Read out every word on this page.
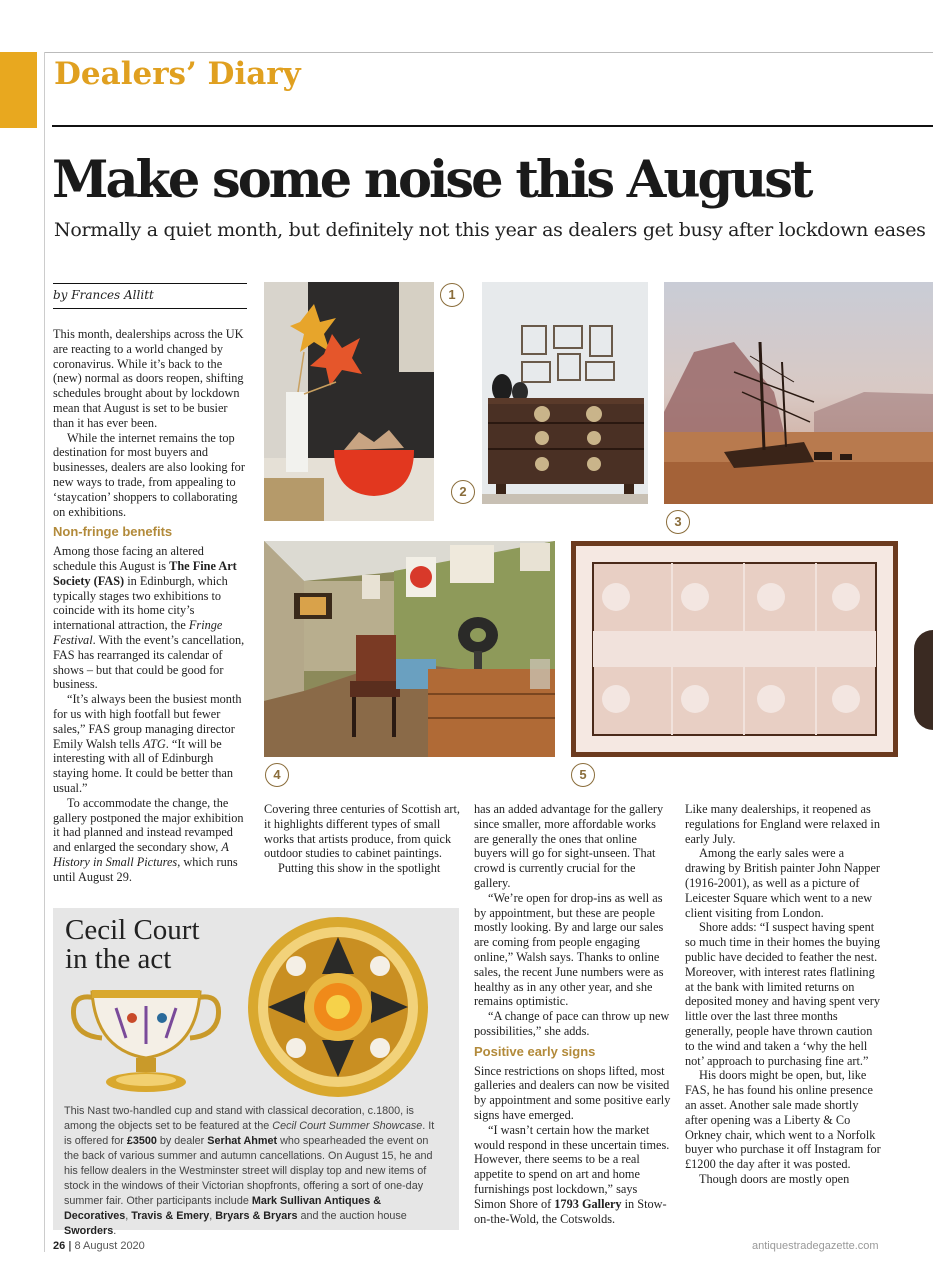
Dealers’ Diary
Make some noise this August
Normally a quiet month, but definitely not this year as dealers get busy after lockdown eases
by Frances Allitt	1
2
3
4	5

This month, dealerships across the UK are reacting to a world changed by coronavirus. While it’s back to the (new) normal as doors reopen, shifting schedules brought about by lockdown mean that August is set to be busier than it has ever been.

While the internet remains the top destination for most buyers and businesses, dealers are also looking for new ways to trade, from appealing to ‘staycation’ shoppers to collaborating on exhibitions.

Non-fringe benefits

Among those facing an altered schedule this August is The Fine Art Society (FAS) in Edinburgh, which typically stages two exhibitions to coincide with its home city’s international attraction, the Fringe Festival. With the event’s cancellation, FAS has rearranged its calendar of shows – but that could be good for business.

“It’s always been the busiest month for us with high footfall but fewer sales,” FAS group managing director Emily Walsh tells ATG. “It will be interesting with all of Edinburgh staying home. It could be better than usual.”

To accommodate the change, the gallery postponed the major exhibition it had planned and instead revamped and enlarged the secondary show, A History in Small Pictures, which runs until August 29.

Covering three centuries of Scottish art, it highlights different types of small works that artists produce, from quick outdoor studies to cabinet paintings.

Putting this show in the spotlight

has an added advantage for the gallery since smaller, more affordable works are generally the ones that online buyers will go for sight-unseen. That crowd is currently crucial for the gallery.

“We’re open for drop-ins as well as by appointment, but these are people mostly looking. By and large our sales are coming from people engaging online,” Walsh says. Thanks to online sales, the recent June numbers were as healthy as in any other year, and she remains optimistic.

“A change of pace can throw up new possibilities,” she adds.

Positive early signs

Since restrictions on shops lifted, most galleries and dealers can now be visited by appointment and some positive early signs have emerged.

“I wasn’t certain how the market would respond in these uncertain times. However, there seems to be a real appetite to spend on art and home furnishings post lockdown,” says Simon Shore of 1793 Gallery in Stow-on-the-Wold, the Cotswolds.

Like many dealerships, it reopened as regulations for England were relaxed in early July.

Among the early sales were a drawing by British painter John Napper (1916-2001), as well as a picture of Leicester Square which went to a new client visiting from London.

Shore adds: “I suspect having spent so much time in their homes the buying public have decided to feather the nest. Moreover, with interest rates flatlining at the bank with limited returns on deposited money and having spent very little over the last three months generally, people have thrown caution to the wind and taken a ‘why the hell not’ approach to purchasing fine art.”

His doors might be open, but, like FAS, he has found his online presence an asset. Another sale made shortly after opening was a Liberty & Co Orkney chair, which went to a Norfolk buyer who purchase it off Instagram for £1200 the day after it was posted.

Though doors are mostly open

Cecil Court
in the act
This Nast two-handled cup and stand with classical decoration, c.1800, is among the objects set to be featured at the Cecil Court Summer Showcase. It is offered for £3500 by dealer Serhat Ahmet who spearheaded the event on the back of various summer and autumn cancellations. On August 15, he and his fellow dealers in the Westminster street will display top and new items of stock in the windows of their Victorian shopfronts, offering a sort of one-day summer fair. Other participants include Mark Sullivan Antiques & Decoratives, Travis & Emery, Bryars & Bryars and the auction house Sworders.
26 | 8 August 2020	antiquestradegazette.com
